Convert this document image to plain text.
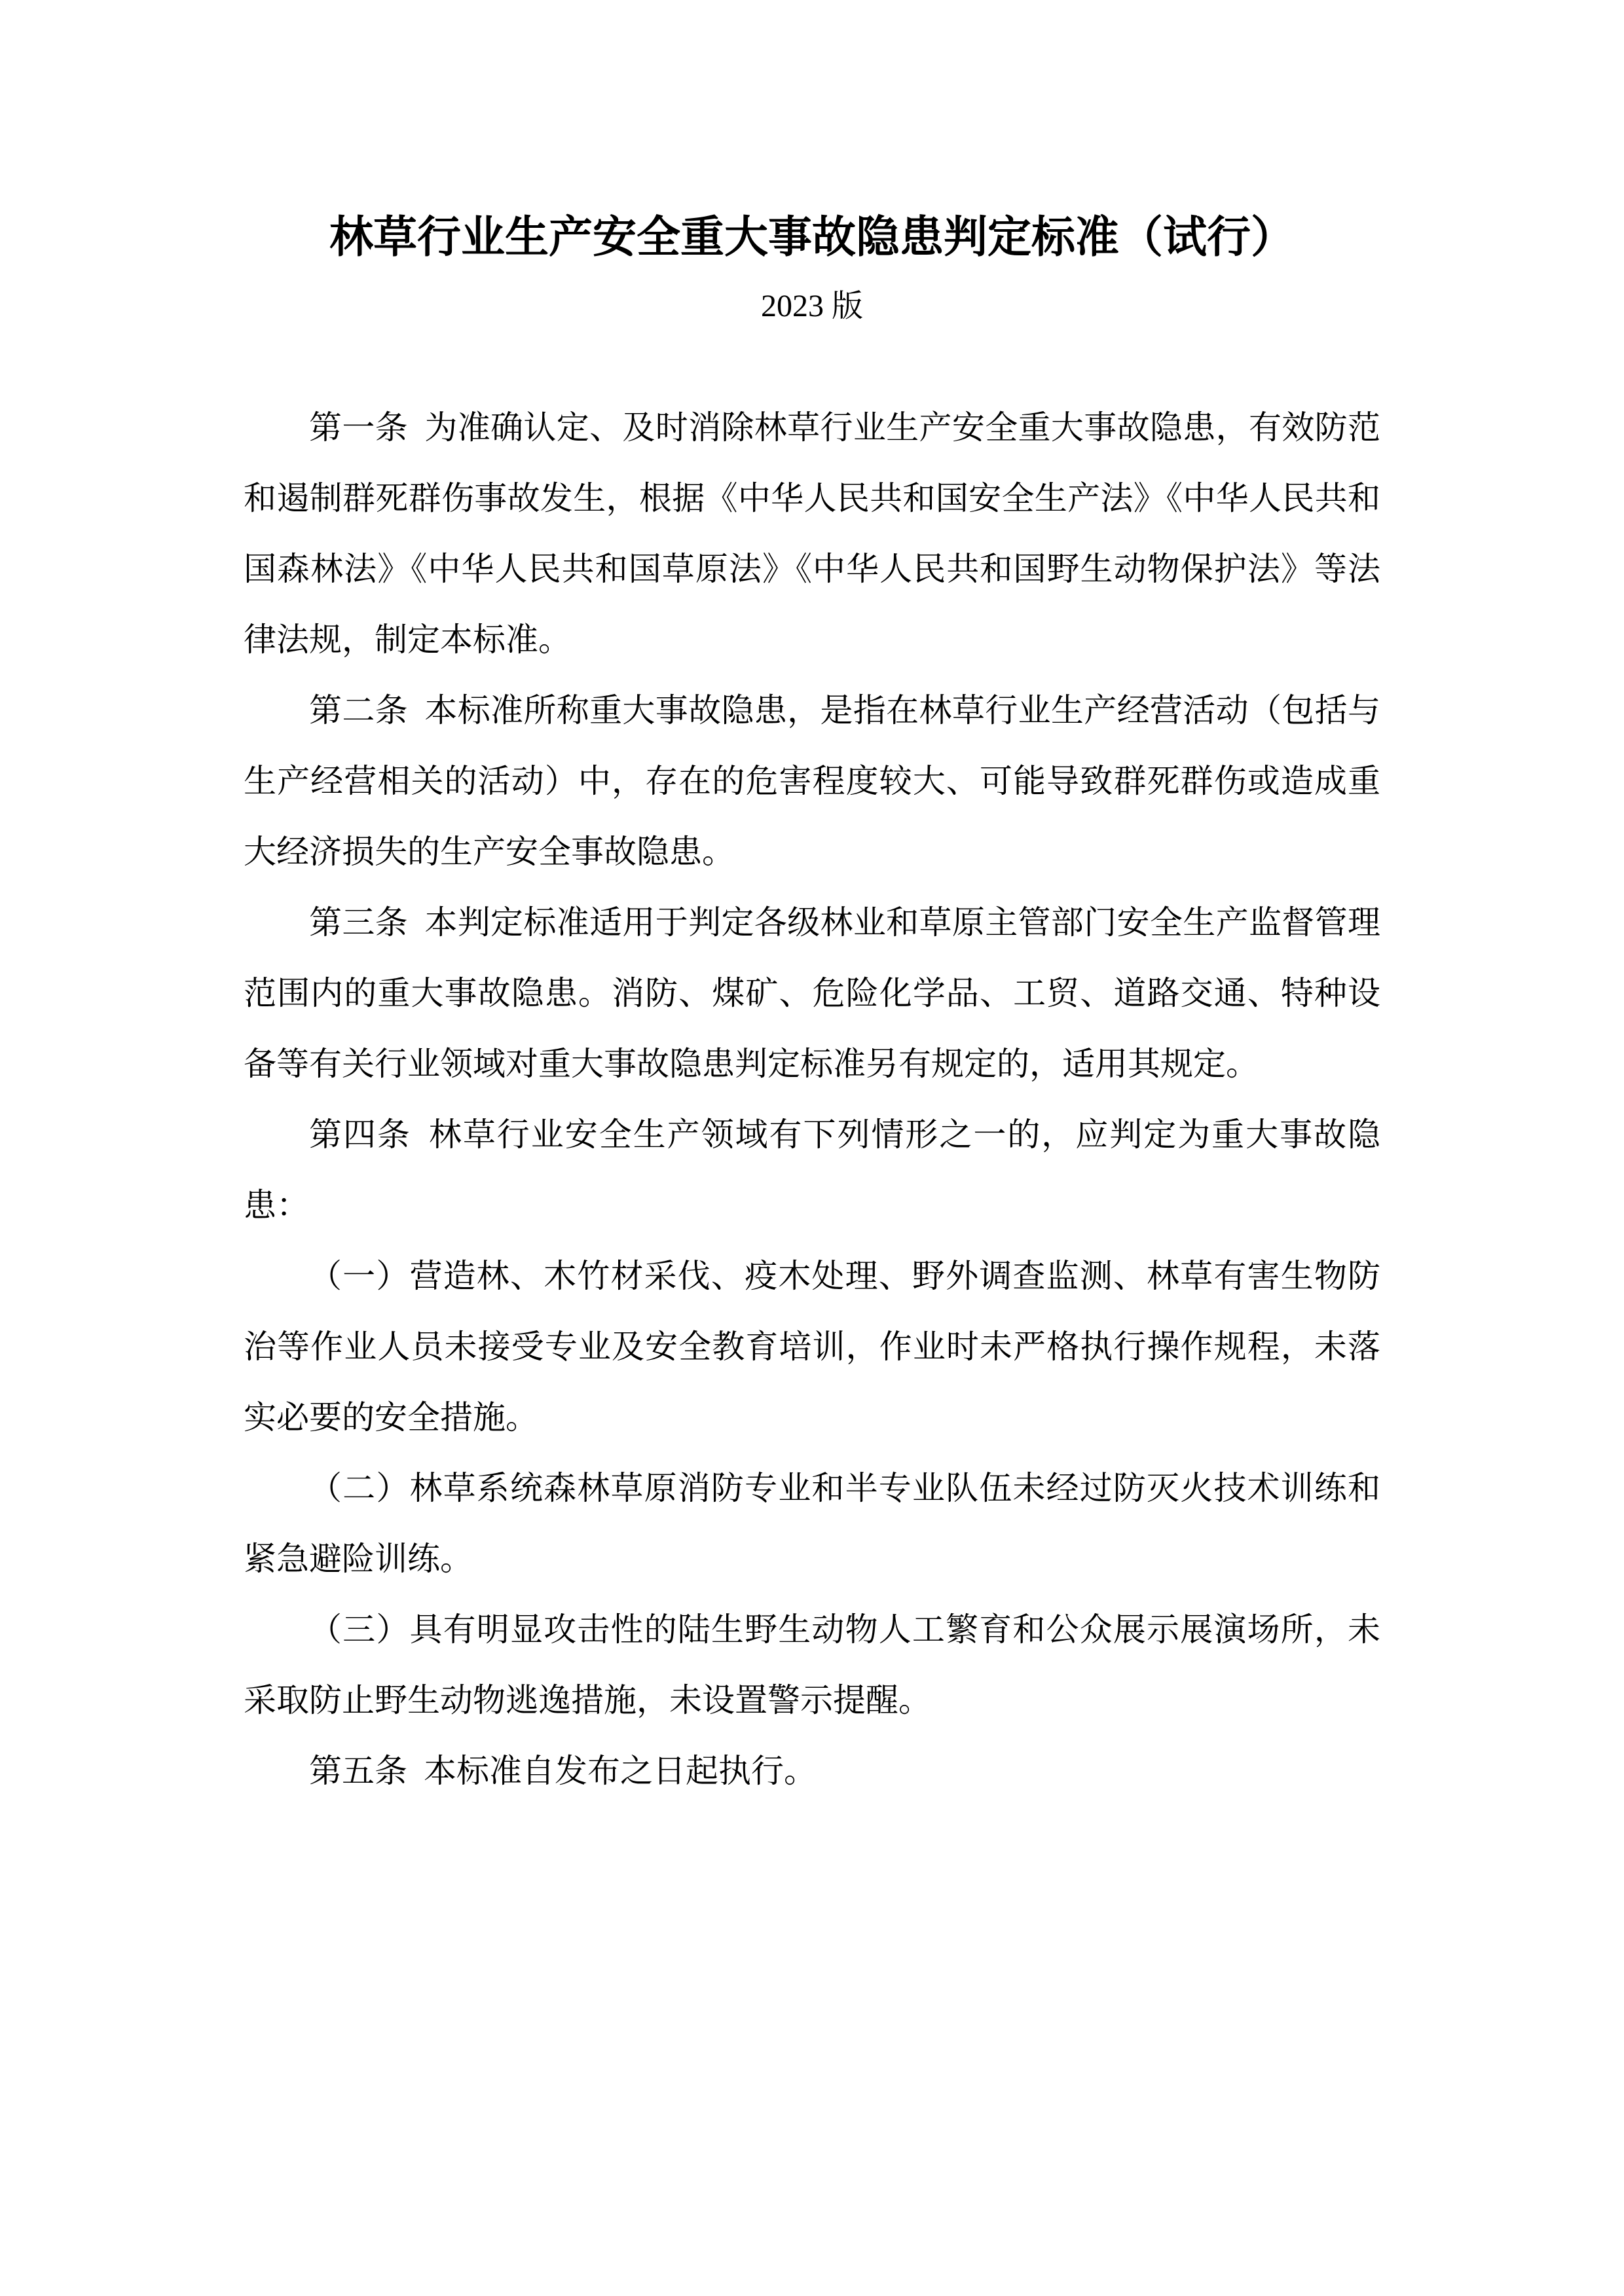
林草行业生产安全重大事故隐患判定标准（试行）
2023 版

第一条 为准确认定、及时消除林草行业生产安全重大事故隐患，有效防范和遏制群死群伤事故发生，根据《中华人民共和国安全生产法》《中华人民共和国森林法》《中华人民共和国草原法》《中华人民共和国野生动物保护法》等法律法规，制定本标准。

第二条 本标准所称重大事故隐患，是指在林草行业生产经营活动（包括与生产经营相关的活动）中，存在的危害程度较大、可能导致群死群伤或造成重大经济损失的生产安全事故隐患。

第三条 本判定标准适用于判定各级林业和草原主管部门安全生产监督管理范围内的重大事故隐患。消防、煤矿、危险化学品、工贸、道路交通、特种设备等有关行业领域对重大事故隐患判定标准另有规定的，适用其规定。

第四条 林草行业安全生产领域有下列情形之一的，应判定为重大事故隐患：

（一）营造林、木竹材采伐、疫木处理、野外调查监测、林草有害生物防治等作业人员未接受专业及安全教育培训，作业时未严格执行操作规程，未落实必要的安全措施。

（二）林草系统森林草原消防专业和半专业队伍未经过防灭火技术训练和紧急避险训练。

（三）具有明显攻击性的陆生野生动物人工繁育和公众展示展演场所，未采取防止野生动物逃逸措施，未设置警示提醒。

第五条 本标准自发布之日起执行。
